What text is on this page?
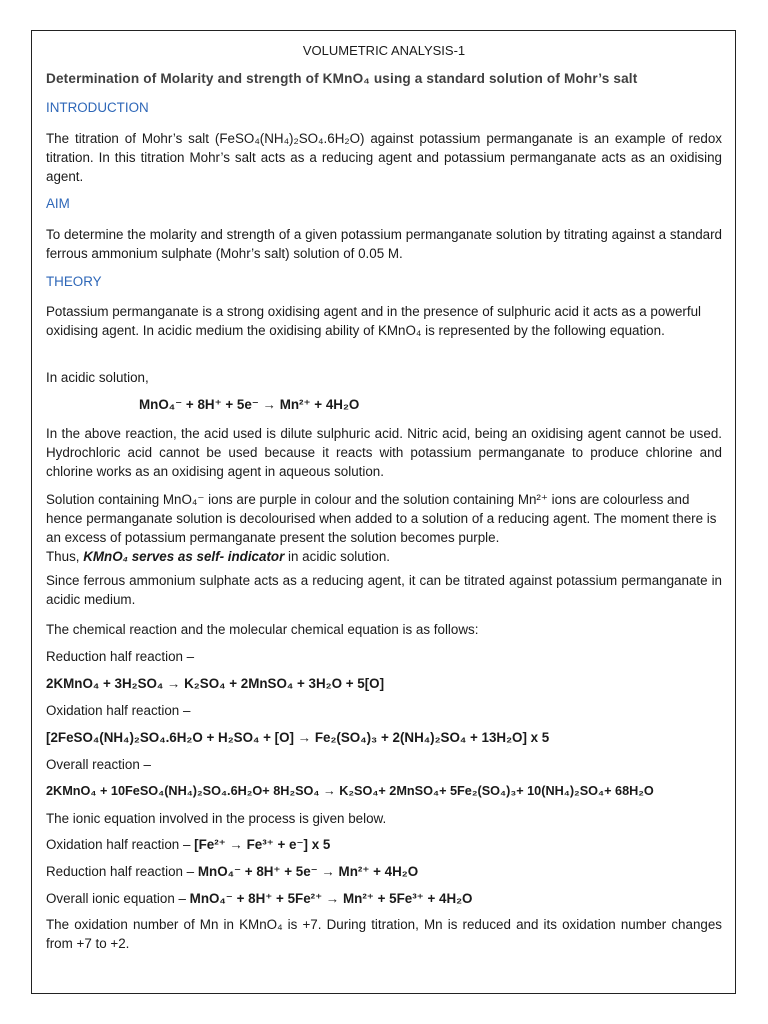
VOLUMETRIC ANALYSIS-1
Determination of Molarity and strength of KMnO₄ using a standard solution of Mohr’s salt
INTRODUCTION

The titration of Mohr’s salt (FeSO₄(NH₄)₂SO₄.6H₂O) against potassium permanganate is an example of redox titration. In this titration Mohr’s salt acts as a reducing agent and potassium permanganate acts as an oxidising agent.

AIM

To determine the molarity and strength of a given potassium permanganate solution by titrating against a standard ferrous ammonium sulphate (Mohr’s salt) solution of 0.05 M.

THEORY

Potassium permanganate is a strong oxidising agent and in the presence of sulphuric acid it acts as a powerful oxidising agent. In acidic medium the oxidising ability of KMnO₄ is represented by the following equation.

In acidic solution,
MnO₄⁻ + 8H⁺ + 5e⁻ → Mn²⁺ + 4H₂O

In the above reaction, the acid used is dilute sulphuric acid. Nitric acid, being an oxidising agent cannot be used. Hydrochloric acid cannot be used because it reacts with potassium permanganate to produce chlorine and chlorine works as an oxidising agent in aqueous solution.

Solution containing MnO₄⁻ ions are purple in colour and the solution containing Mn²⁺ ions are colourless and hence permanganate solution is decolourised when added to a solution of a reducing agent. The moment there is an excess of potassium permanganate present the solution becomes purple.
Thus, KMnO₄ serves as self- indicator in acidic solution.

Since ferrous ammonium sulphate acts as a reducing agent, it can be titrated against potassium permanganate in acidic medium.

The chemical reaction and the molecular chemical equation is as follows:

Reduction half reaction –
2KMnO₄ + 3H₂SO₄ → K₂SO₄ + 2MnSO₄ + 3H₂O + 5[O]
Oxidation half reaction –
[2FeSO₄(NH₄)₂SO₄.6H₂O + H₂SO₄ + [O] → Fe₂(SO₄)₃ + 2(NH₄)₂SO₄ + 13H₂O] x 5
Overall reaction –
2KMnO₄ + 10FeSO₄(NH₄)₂SO₄.6H₂O+ 8H₂SO₄ → K₂SO₄+ 2MnSO₄+ 5Fe₂(SO₄)₃+ 10(NH₄)₂SO₄+ 68H₂O
The ionic equation involved in the process is given below.
Oxidation half reaction – [Fe²⁺ → Fe³⁺ + e⁻] x 5
Reduction half reaction – MnO₄⁻ + 8H⁺ + 5e⁻ → Mn²⁺ + 4H₂O
Overall ionic equation – MnO₄⁻ + 8H⁺ + 5Fe²⁺ → Mn²⁺ + 5Fe³⁺ + 4H₂O

The oxidation number of Mn in KMnO₄ is +7. During titration, Mn is reduced and its oxidation number changes from +7 to +2.
